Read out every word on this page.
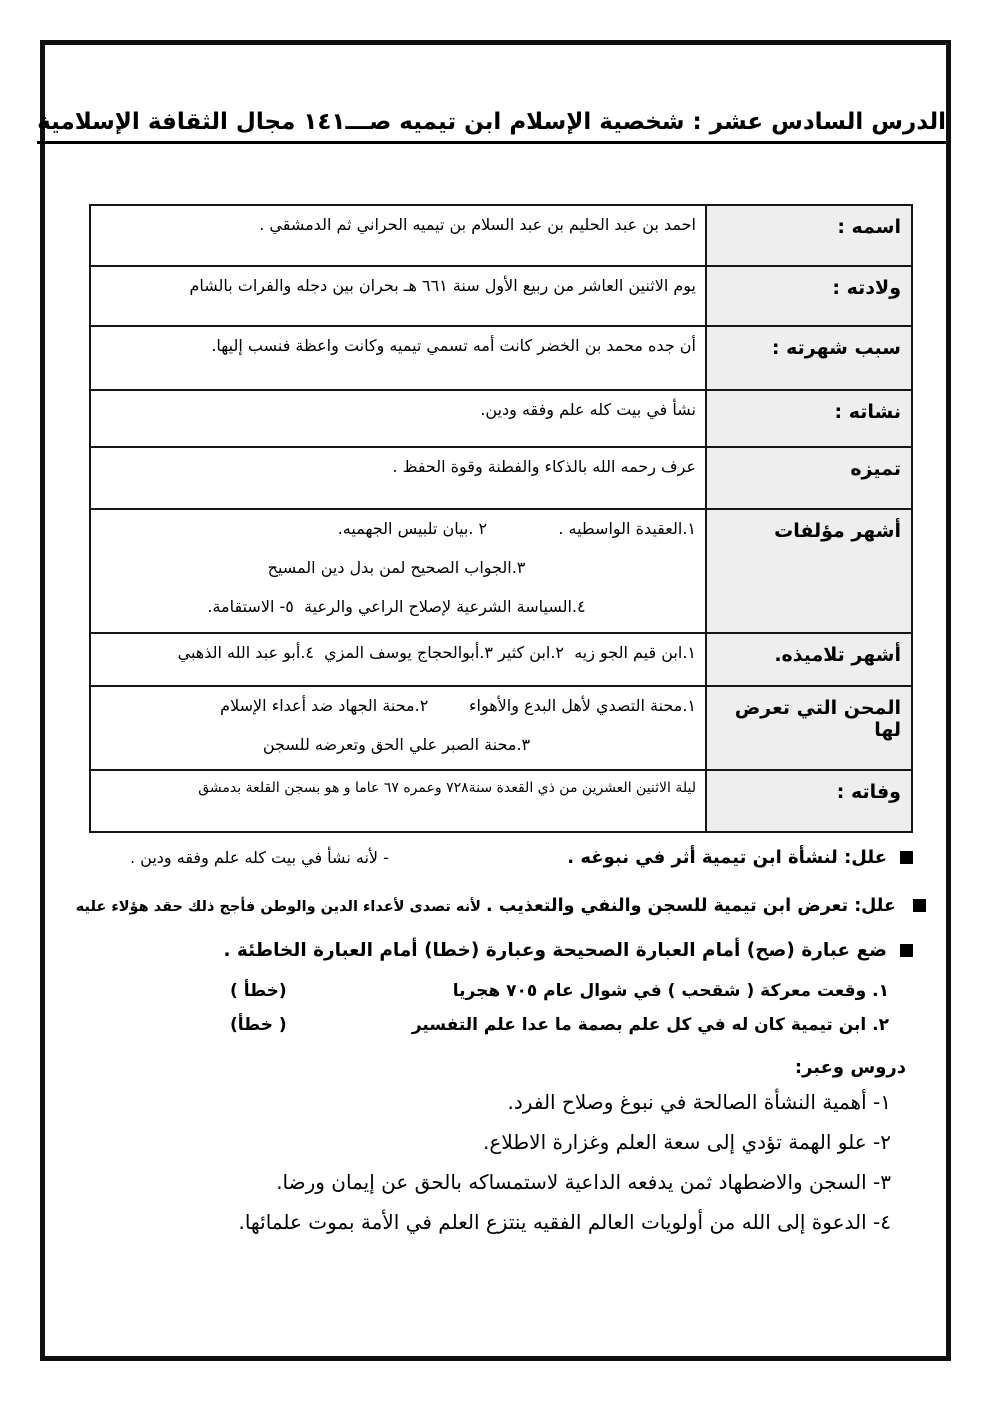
الدرس السادس عشر : شخصية الإسلام ابن تيميه صـــ١٤١ مجال الثقافة الإسلامية
اسمه :	احمد بن عبد الحليم بن عبد السلام بن تيميه الحراني ثم الدمشقي .

ولادته :	يوم الاثنين العاشر من ربيع الأول سنة ٦٦١ هـ بحران بين دجله والفرات بالشام

سبب شهرته :	أن جده محمد بن الخضر كانت أمه تسمي تيميه وكانت واعظة فنسب إليها.

نشاته :	نشأ في بيت كله علم وفقه ودين.

تميزه	عرف رحمه الله بالذكاء والفطنة وقوة الحفظ .

أشهر مؤلفات	١.العقيدة الواسطيه .              ٢ .بيان تلبيس الجهميه.
٣.الجواب الصحيح لمن بدل دين المسيح
٤.السياسة الشرعية لإصلاح الراعي والرعية  ٥- الاستقامة.

أشهر تلاميذه.	١.ابن قيم الجو زيه  ٢.ابن كثير ٣.أبوالحجاج يوسف المزي  ٤.أبو عبد الله الذهبي

المحن التي تعرض لها	١.محنة التصدي لأهل البدع والأهواء        ٢.محنة الجهاد ضد أعداء الإسلام
٣.محنة الصبر علي الحق وتعرضه للسجن

وفاته :	ليلة الاثنين العشرين من ذي القعدة سنة٧٢٨ وعمره ٦٧ عاما و هو بسجن القلعة بدمشق
علل: لنشأة ابن تيمية أثر في نبوغه .
- لأنه نشأ في بيت كله علم وفقه ودين .
علل: تعرض ابن تيمية للسجن والنفي والتعذيب . لأنه تصدى لأعداء الدين والوطن فأجج ذلك حقد هؤلاء عليه
ضع عبارة (صح) أمام العبارة الصحيحة وعبارة (خطا) أمام العبارة الخاطئة .
١. وقعت معركة ( شقحب ) في شوال عام ٧٠٥ هجريا
(خطأ )
٢. ابن تيمية كان له في كل علم بصمة ما عدا علم التفسير
( خطأ)
دروس وعبر:
١- أهمية النشأة الصالحة في نبوغ وصلاح الفرد.
٢- علو الهمة تؤدي إلى سعة العلم وغزارة الاطلاع.
٣- السجن والاضطهاد ثمن يدفعه الداعية لاستمساكه بالحق عن إيمان ورضا.
٤- الدعوة إلى الله من أولويات العالم الفقيه ينتزع العلم في الأمة بموت علمائها.
